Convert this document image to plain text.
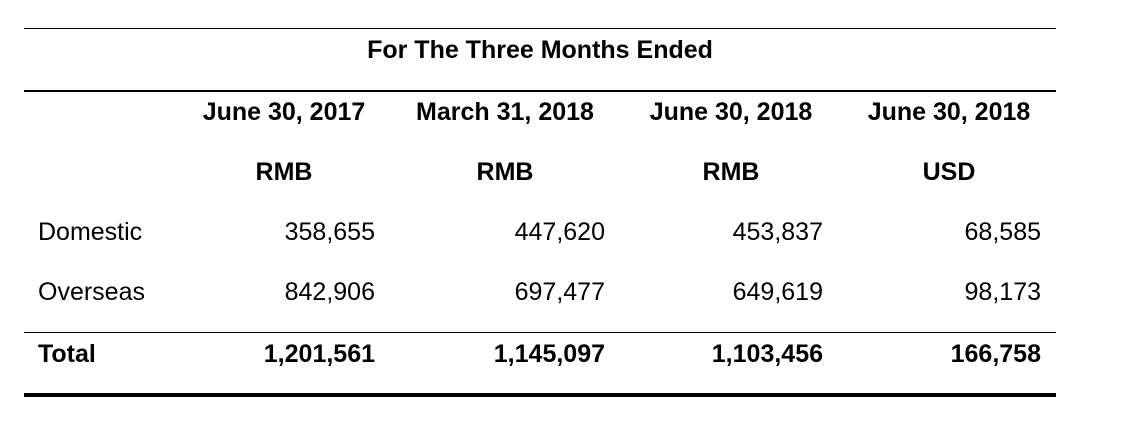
For The Three Months Ended
June 30, 2017 March 31, 2018 June 30, 2018 June 30, 2018
RMB	RMB	RMB	USD
Domestic	358,655	447,620	453,837	68,585
Overseas	842,906	697,477	649,619	98,173
Total	1,201,561	1,145,097	1,103,456	166,758
